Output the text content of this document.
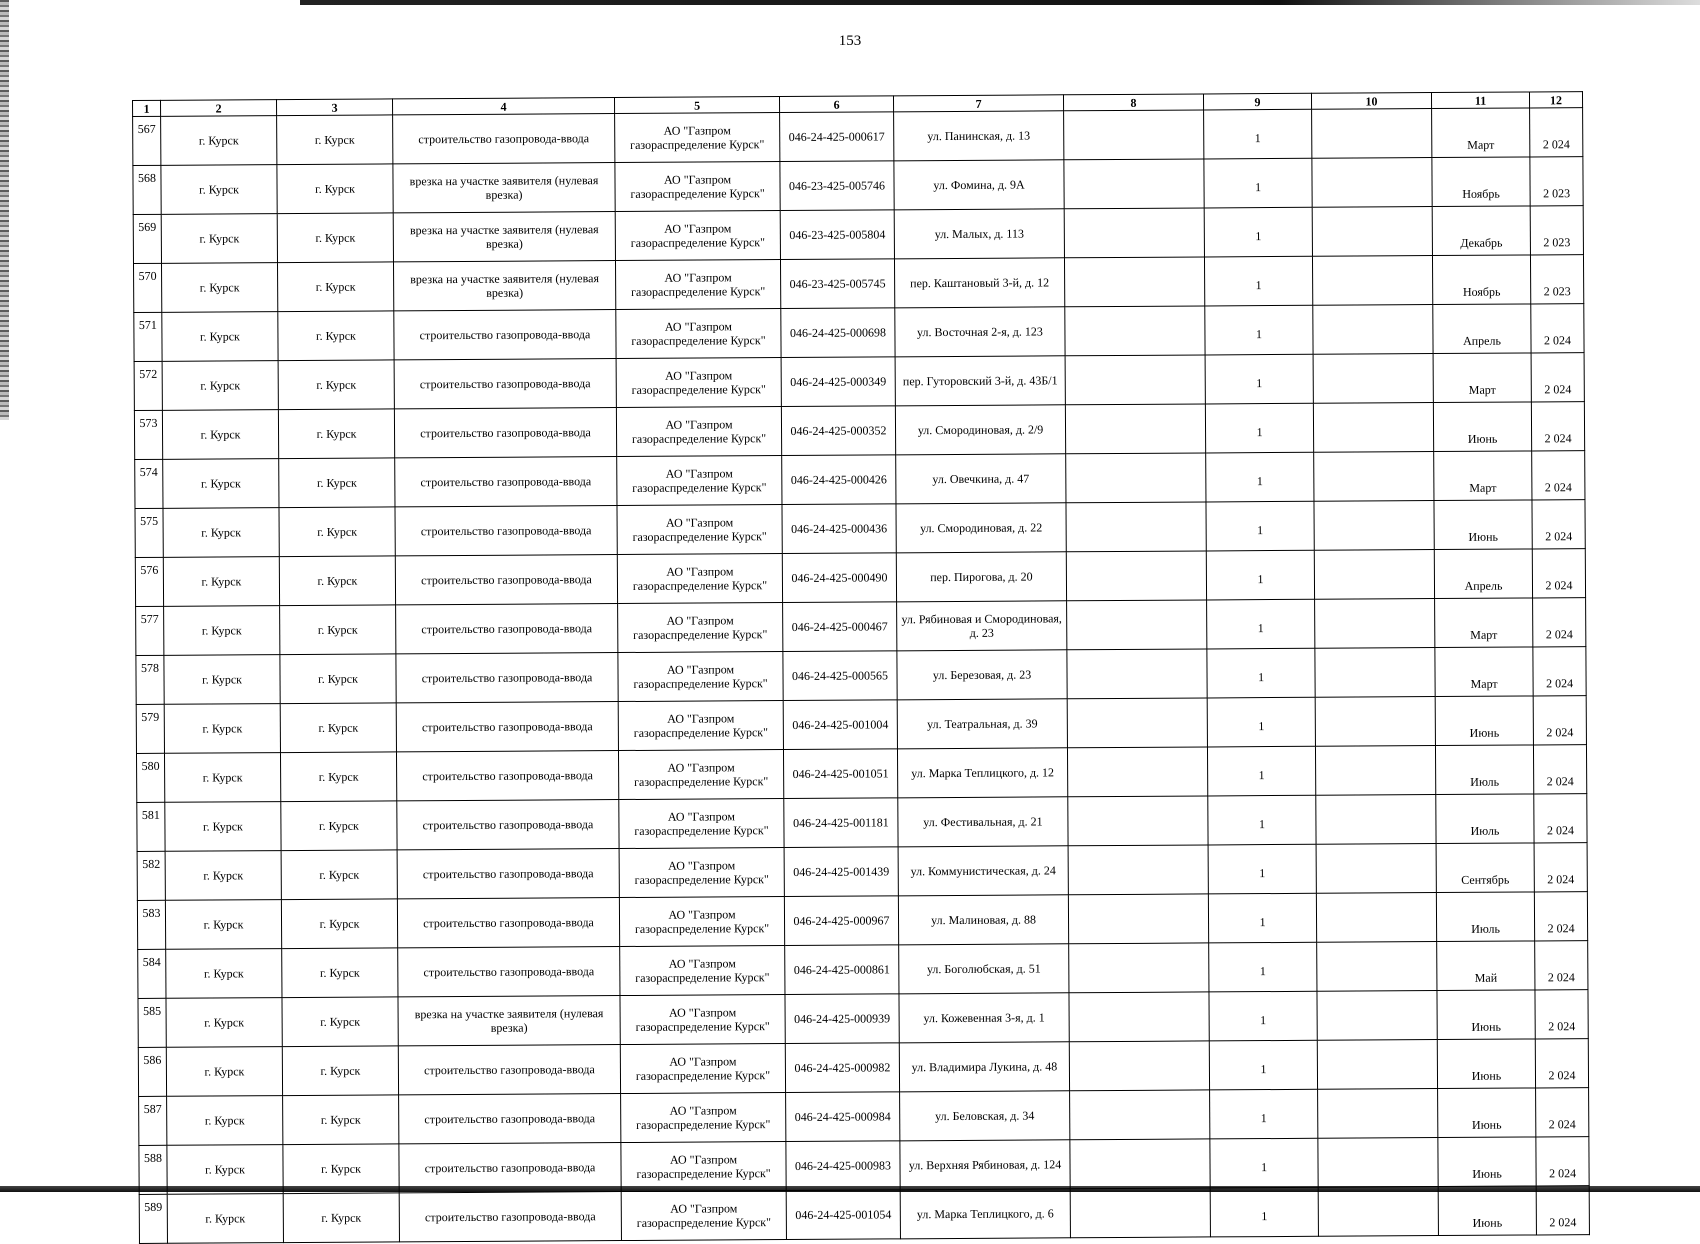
153
1	2	3	4	5	6	7	8	9	10	11	12
567	г. Курск	г. Курск	строительство газопровода-ввода	АО "Газпром газораспределение Курск"	046-24-425-000617	ул. Панинская, д. 13		1		Март	2 024
568	г. Курск	г. Курск	врезка на участке заявителя (нулевая врезка)	АО "Газпром газораспределение Курск"	046-23-425-005746	ул. Фомина, д. 9А		1		Ноябрь	2 023
569	г. Курск	г. Курск	врезка на участке заявителя (нулевая врезка)	АО "Газпром газораспределение Курск"	046-23-425-005804	ул. Малых, д. 113		1		Декабрь	2 023
570	г. Курск	г. Курск	врезка на участке заявителя (нулевая врезка)	АО "Газпром газораспределение Курск"	046-23-425-005745	пер. Каштановый 3-й, д. 12		1		Ноябрь	2 023
571	г. Курск	г. Курск	строительство газопровода-ввода	АО "Газпром газораспределение Курск"	046-24-425-000698	ул. Восточная 2-я, д. 123		1		Апрель	2 024
572	г. Курск	г. Курск	строительство газопровода-ввода	АО "Газпром газораспределение Курск"	046-24-425-000349	пер. Гуторовский 3-й, д. 43Б/1		1		Март	2 024
573	г. Курск	г. Курск	строительство газопровода-ввода	АО "Газпром газораспределение Курск"	046-24-425-000352	ул. Смородиновая, д. 2/9		1		Июнь	2 024
574	г. Курск	г. Курск	строительство газопровода-ввода	АО "Газпром газораспределение Курск"	046-24-425-000426	ул. Овечкина, д. 47		1		Март	2 024
575	г. Курск	г. Курск	строительство газопровода-ввода	АО "Газпром газораспределение Курск"	046-24-425-000436	ул. Смородиновая, д. 22		1		Июнь	2 024
576	г. Курск	г. Курск	строительство газопровода-ввода	АО "Газпром газораспределение Курск"	046-24-425-000490	пер. Пирогова, д. 20		1		Апрель	2 024
577	г. Курск	г. Курск	строительство газопровода-ввода	АО "Газпром газораспределение Курск"	046-24-425-000467	ул. Рябиновая и Смородиновая, д. 23		1		Март	2 024
578	г. Курск	г. Курск	строительство газопровода-ввода	АО "Газпром газораспределение Курск"	046-24-425-000565	ул. Березовая, д. 23		1		Март	2 024
579	г. Курск	г. Курск	строительство газопровода-ввода	АО "Газпром газораспределение Курск"	046-24-425-001004	ул. Театральная, д. 39		1		Июнь	2 024
580	г. Курск	г. Курск	строительство газопровода-ввода	АО "Газпром газораспределение Курск"	046-24-425-001051	ул. Марка Теплицкого, д. 12		1		Июль	2 024
581	г. Курск	г. Курск	строительство газопровода-ввода	АО "Газпром газораспределение Курск"	046-24-425-001181	ул. Фестивальная, д. 21		1		Июль	2 024
582	г. Курск	г. Курск	строительство газопровода-ввода	АО "Газпром газораспределение Курск"	046-24-425-001439	ул. Коммунистическая, д. 24		1		Сентябрь	2 024
583	г. Курск	г. Курск	строительство газопровода-ввода	АО "Газпром газораспределение Курск"	046-24-425-000967	ул. Малиновая, д. 88		1		Июль	2 024
584	г. Курск	г. Курск	строительство газопровода-ввода	АО "Газпром газораспределение Курск"	046-24-425-000861	ул. Боголюбская, д. 51		1		Май	2 024
585	г. Курск	г. Курск	врезка на участке заявителя (нулевая врезка)	АО "Газпром газораспределение Курск"	046-24-425-000939	ул. Кожевенная 3-я, д. 1		1		Июнь	2 024
586	г. Курск	г. Курск	строительство газопровода-ввода	АО "Газпром газораспределение Курск"	046-24-425-000982	ул. Владимира Лукина, д. 48		1		Июнь	2 024
587	г. Курск	г. Курск	строительство газопровода-ввода	АО "Газпром газораспределение Курск"	046-24-425-000984	ул. Беловская, д. 34		1		Июнь	2 024
588	г. Курск	г. Курск	строительство газопровода-ввода	АО "Газпром газораспределение Курск"	046-24-425-000983	ул. Верхняя Рябиновая, д. 124		1		Июнь	2 024
589	г. Курск	г. Курск	строительство газопровода-ввода	АО "Газпром газораспределение Курск"	046-24-425-001054	ул. Марка Теплицкого, д. 6		1		Июнь	2 024
